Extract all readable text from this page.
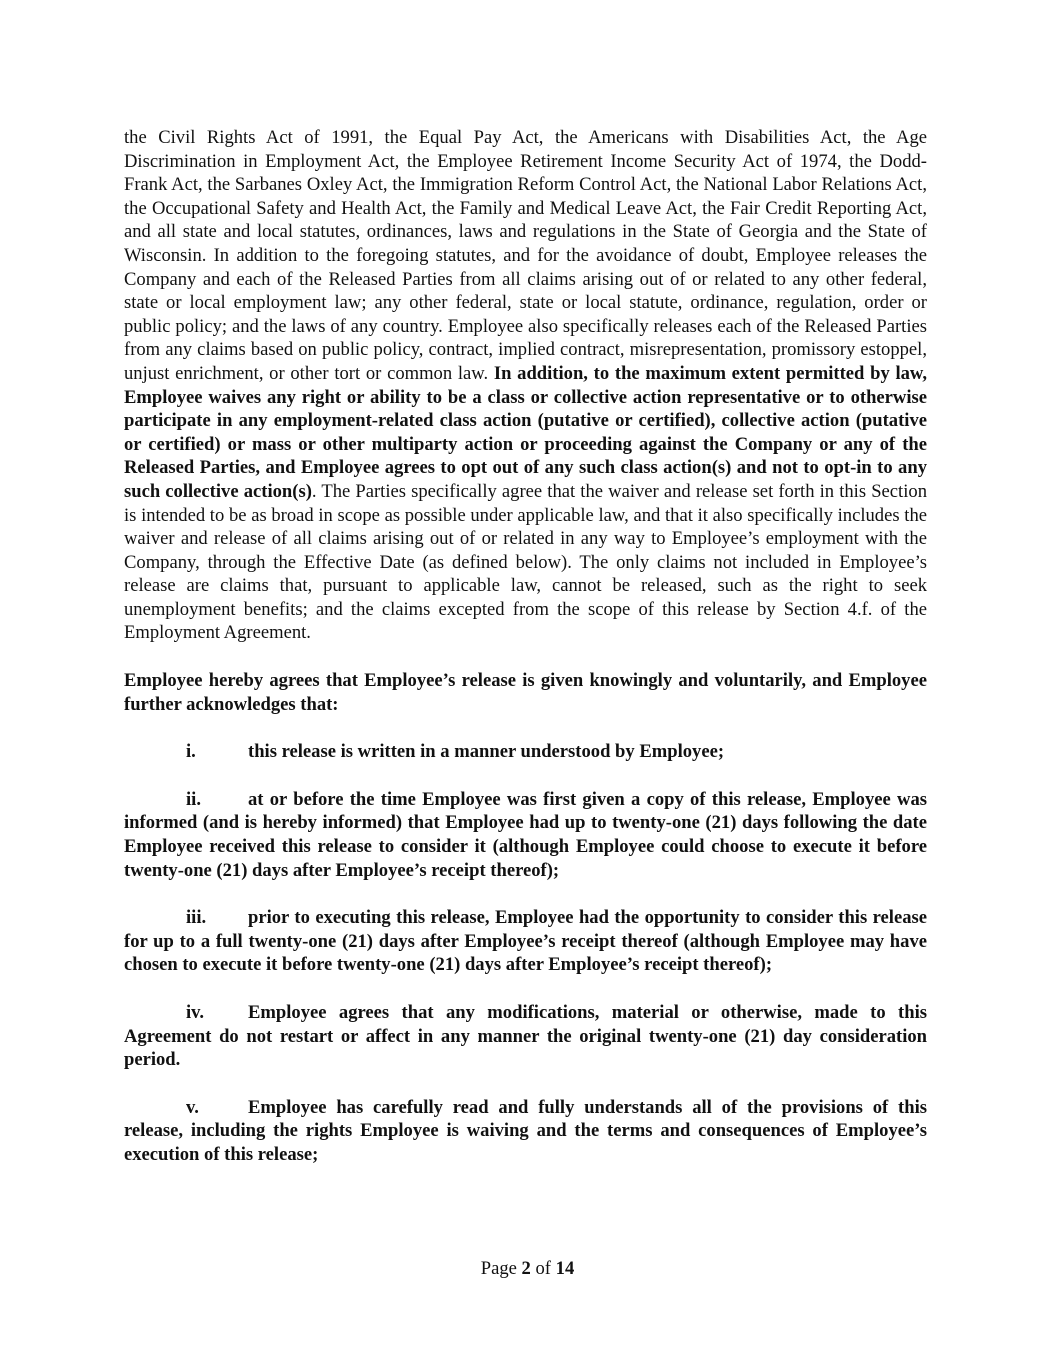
the Civil Rights Act of 1991, the Equal Pay Act, the Americans with Disabilities Act, the Age Discrimination in Employment Act, the Employee Retirement Income Security Act of 1974, the Dodd-Frank Act, the Sarbanes Oxley Act, the Immigration Reform Control Act, the National Labor Relations Act, the Occupational Safety and Health Act, the Family and Medical Leave Act, the Fair Credit Reporting Act, and all state and local statutes, ordinances, laws and regulations in the State of Georgia and the State of Wisconsin. In addition to the foregoing statutes, and for the avoidance of doubt, Employee releases the Company and each of the Released Parties from all claims arising out of or related to any other federal, state or local employment law; any other federal, state or local statute, ordinance, regulation, order or public policy; and the laws of any country. Employee also specifically releases each of the Released Parties from any claims based on public policy, contract, implied contract, misrepresentation, promissory estoppel, unjust enrichment, or other tort or common law. In addition, to the maximum extent permitted by law, Employee waives any right or ability to be a class or collective action representative or to otherwise participate in any employment-related class action (putative or certified), collective action (putative or certified) or mass or other multiparty action or proceeding against the Company or any of the Released Parties, and Employee agrees to opt out of any such class action(s) and not to opt-in to any such collective action(s). The Parties specifically agree that the waiver and release set forth in this Section is intended to be as broad in scope as possible under applicable law, and that it also specifically includes the waiver and release of all claims arising out of or related in any way to Employee’s employment with the Company, through the Effective Date (as defined below). The only claims not included in Employee’s release are claims that, pursuant to applicable law, cannot be released, such as the right to seek unemployment benefits; and the claims excepted from the scope of this release by Section 4.f. of the Employment Agreement.

Employee hereby agrees that Employee’s release is given knowingly and voluntarily, and Employee further acknowledges that:

i.	this release is written in a manner understood by Employee;

ii.	at or before the time Employee was first given a copy of this release, Employee was informed (and is hereby informed) that Employee had up to twenty-one (21) days following the date Employee received this release to consider it (although Employee could choose to execute it before twenty-one (21) days after Employee’s receipt thereof);

iii. prior to executing this release, Employee had the opportunity to consider this release for up to a full twenty-one (21) days after Employee’s receipt thereof (although Employee may have chosen to execute it before twenty-one (21) days after Employee’s receipt thereof);

iv. Employee agrees that any modifications, material or otherwise, made to this Agreement do not restart or affect in any manner the original twenty-one (21) day consideration period.

v.	Employee has carefully read and fully understands all of the provisions of this release, including the rights Employee is waiving and the terms and consequences of Employee’s execution of this release;

Page 2 of 14
